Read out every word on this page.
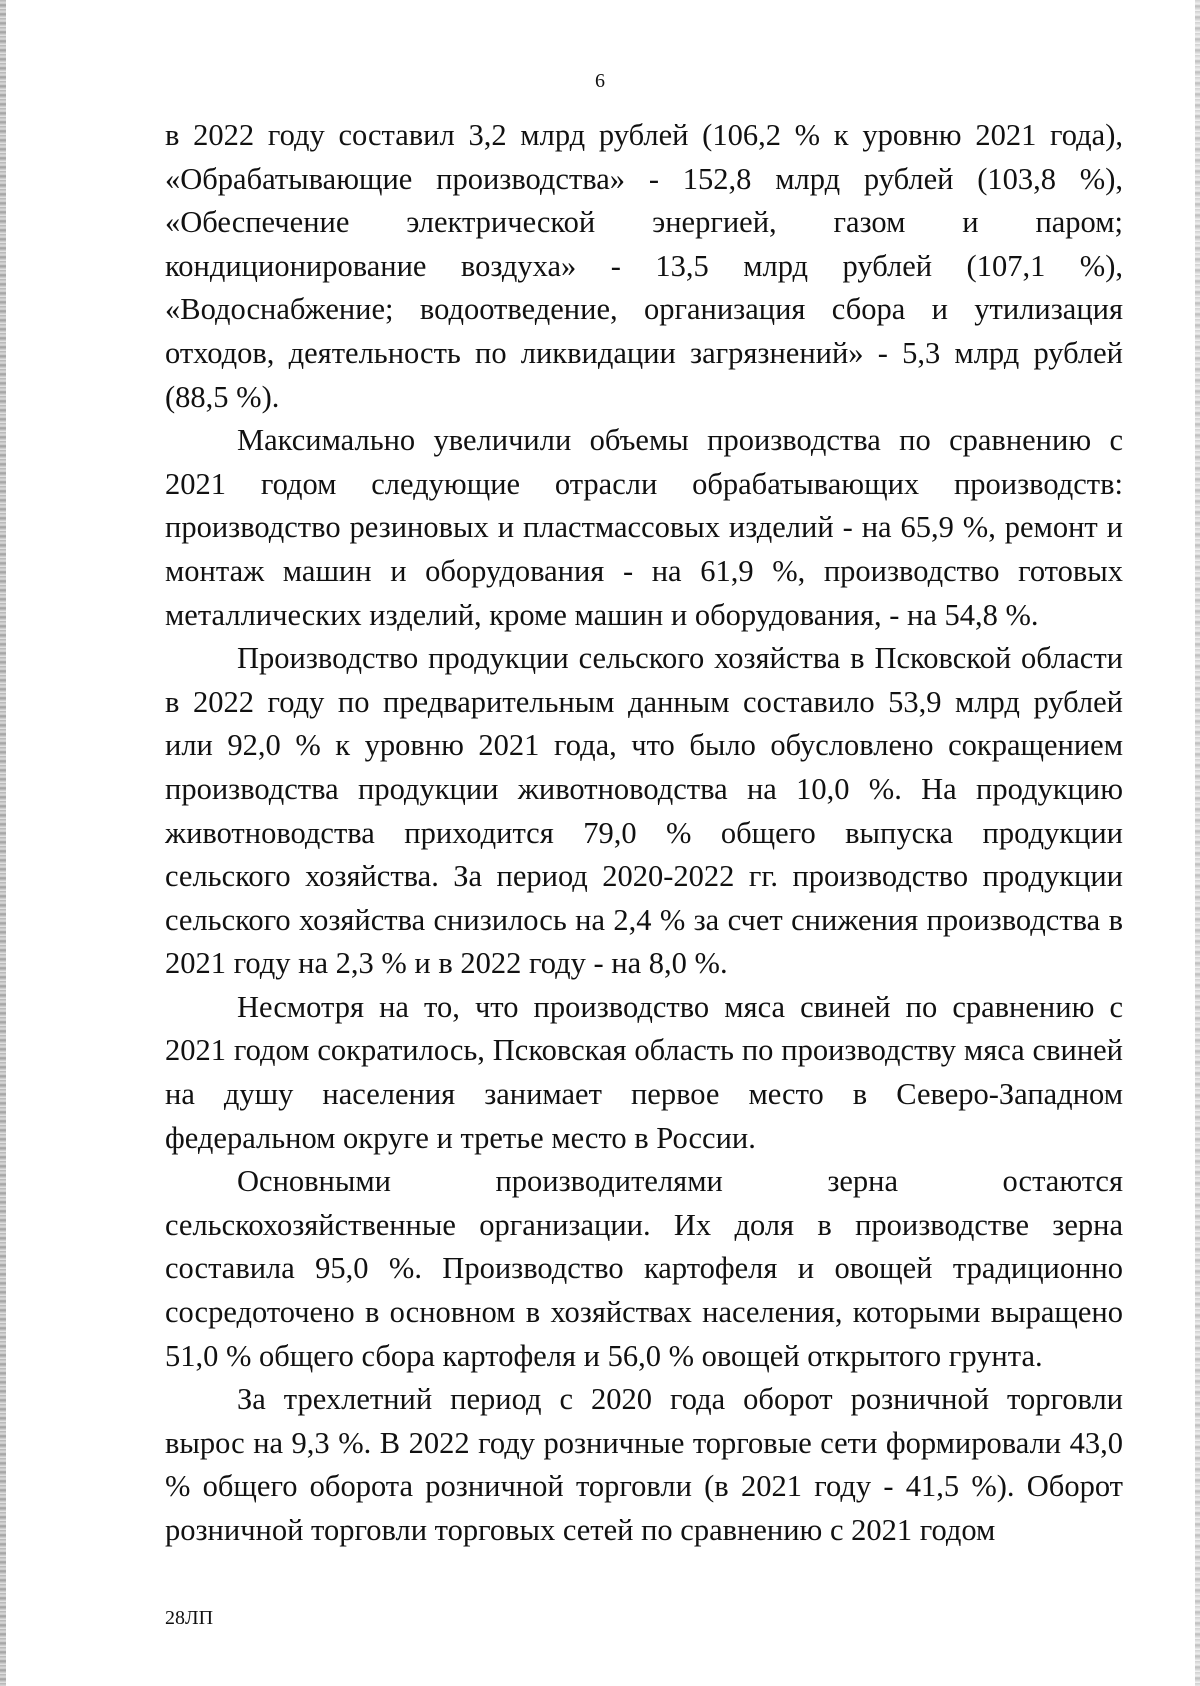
6

в 2022 году составил 3,2 млрд рублей (106,2 % к уровню 2021 года), «Обрабатывающие производства» - 152,8 млрд рублей (103,8 %), «Обеспечение электрической энергией, газом и паром; кондиционирование воздуха» - 13,5 млрд рублей (107,1 %), «Водоснабжение; водоотведение, организация сбора и утилизация отходов, деятельность по ликвидации загрязнений» - 5,3 млрд рублей (88,5 %).

Максимально увеличили объемы производства по сравнению с 2021 годом следующие отрасли обрабатывающих производств: производство резиновых и пластмассовых изделий - на 65,9 %, ремонт и монтаж машин и оборудования - на 61,9 %, производство готовых металлических изделий, кроме машин и оборудования, - на 54,8 %.

Производство продукции сельского хозяйства в Псковской области в 2022 году по предварительным данным составило 53,9 млрд рублей или 92,0 % к уровню 2021 года, что было обусловлено сокращением производства продукции животноводства на 10,0 %. На продукцию животноводства приходится 79,0 % общего выпуска продукции сельского хозяйства. За период 2020-2022 гг. производство продукции сельского хозяйства снизилось на 2,4 % за счет снижения производства в 2021 году на 2,3 % и в 2022 году - на 8,0 %.

Несмотря на то, что производство мяса свиней по сравнению с 2021 годом сократилось, Псковская область по производству мяса свиней на душу населения занимает первое место в Северо-Западном федеральном округе и третье место в России.

Основными производителями зерна остаются сельскохозяйственные организации. Их доля в производстве зерна составила 95,0 %. Производство картофеля и овощей традиционно сосредоточено в основном в хозяйствах населения, которыми выращено 51,0 % общего сбора картофеля и 56,0 % овощей открытого грунта.

За трехлетний период с 2020 года оборот розничной торговли вырос на 9,3 %. В 2022 году розничные торговые сети формировали 43,0 % общего оборота розничной торговли (в 2021 году - 41,5 %). Оборот розничной торговли торговых сетей по сравнению с 2021 годом

28ЛП
